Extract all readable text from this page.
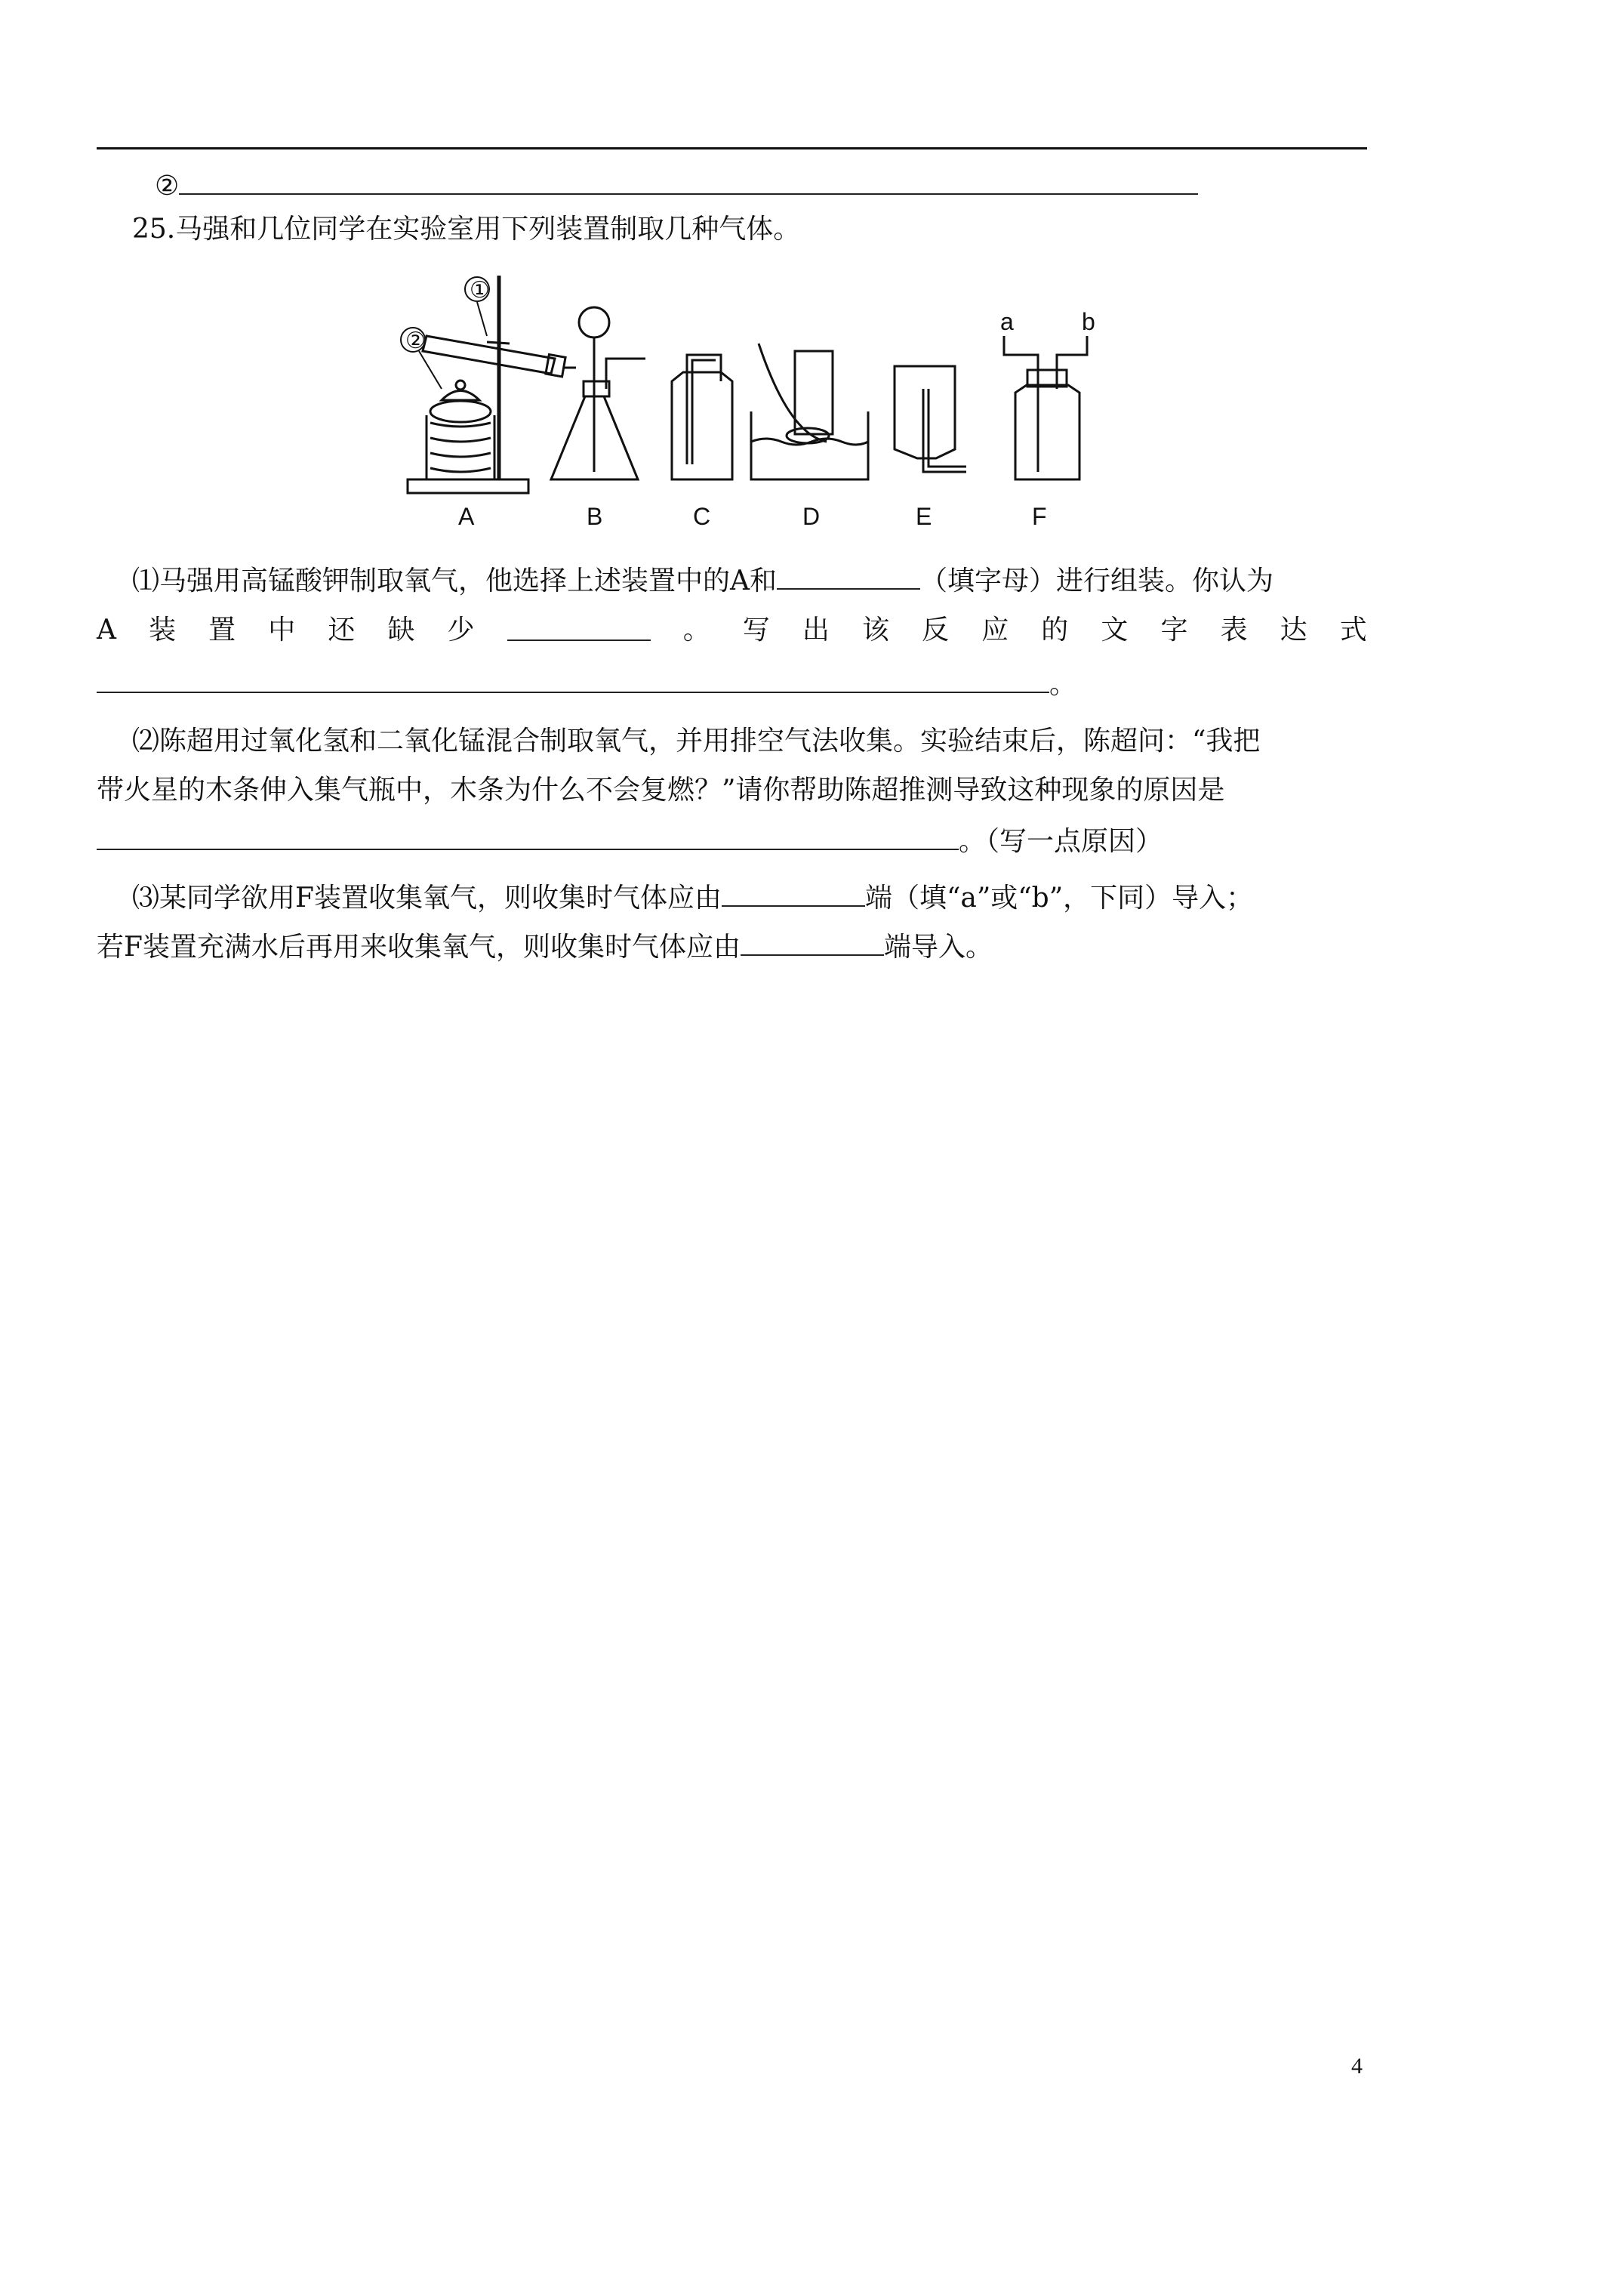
②
25.马强和几位同学在实验室用下列装置制取几种气体。
①
②
a	b
A	B	C	D	E	F
⑴马强用高锰酸钾制取氧气，他选择上述装置中的A和	（填字母）进行组装。你认为
A 装 置 中 还 缺 少	。 写 出 该 反 应 的 文 字 表 达 式
。
⑵陈超用过氧化氢和二氧化锰混合制取氧气，并用排空气法收集。实验结束后，陈超问：“我把
带火星的木条伸入集气瓶中，木条为什么不会复燃？”请你帮助陈超推测导致这种现象的原因是
。（写一点原因）
⑶某同学欲用F装置收集氧气，则收集时气体应由	端（填“a”或“b”，下同）导入；
若F装置充满水后再用来收集氧气，则收集时气体应由	端导入。
4
